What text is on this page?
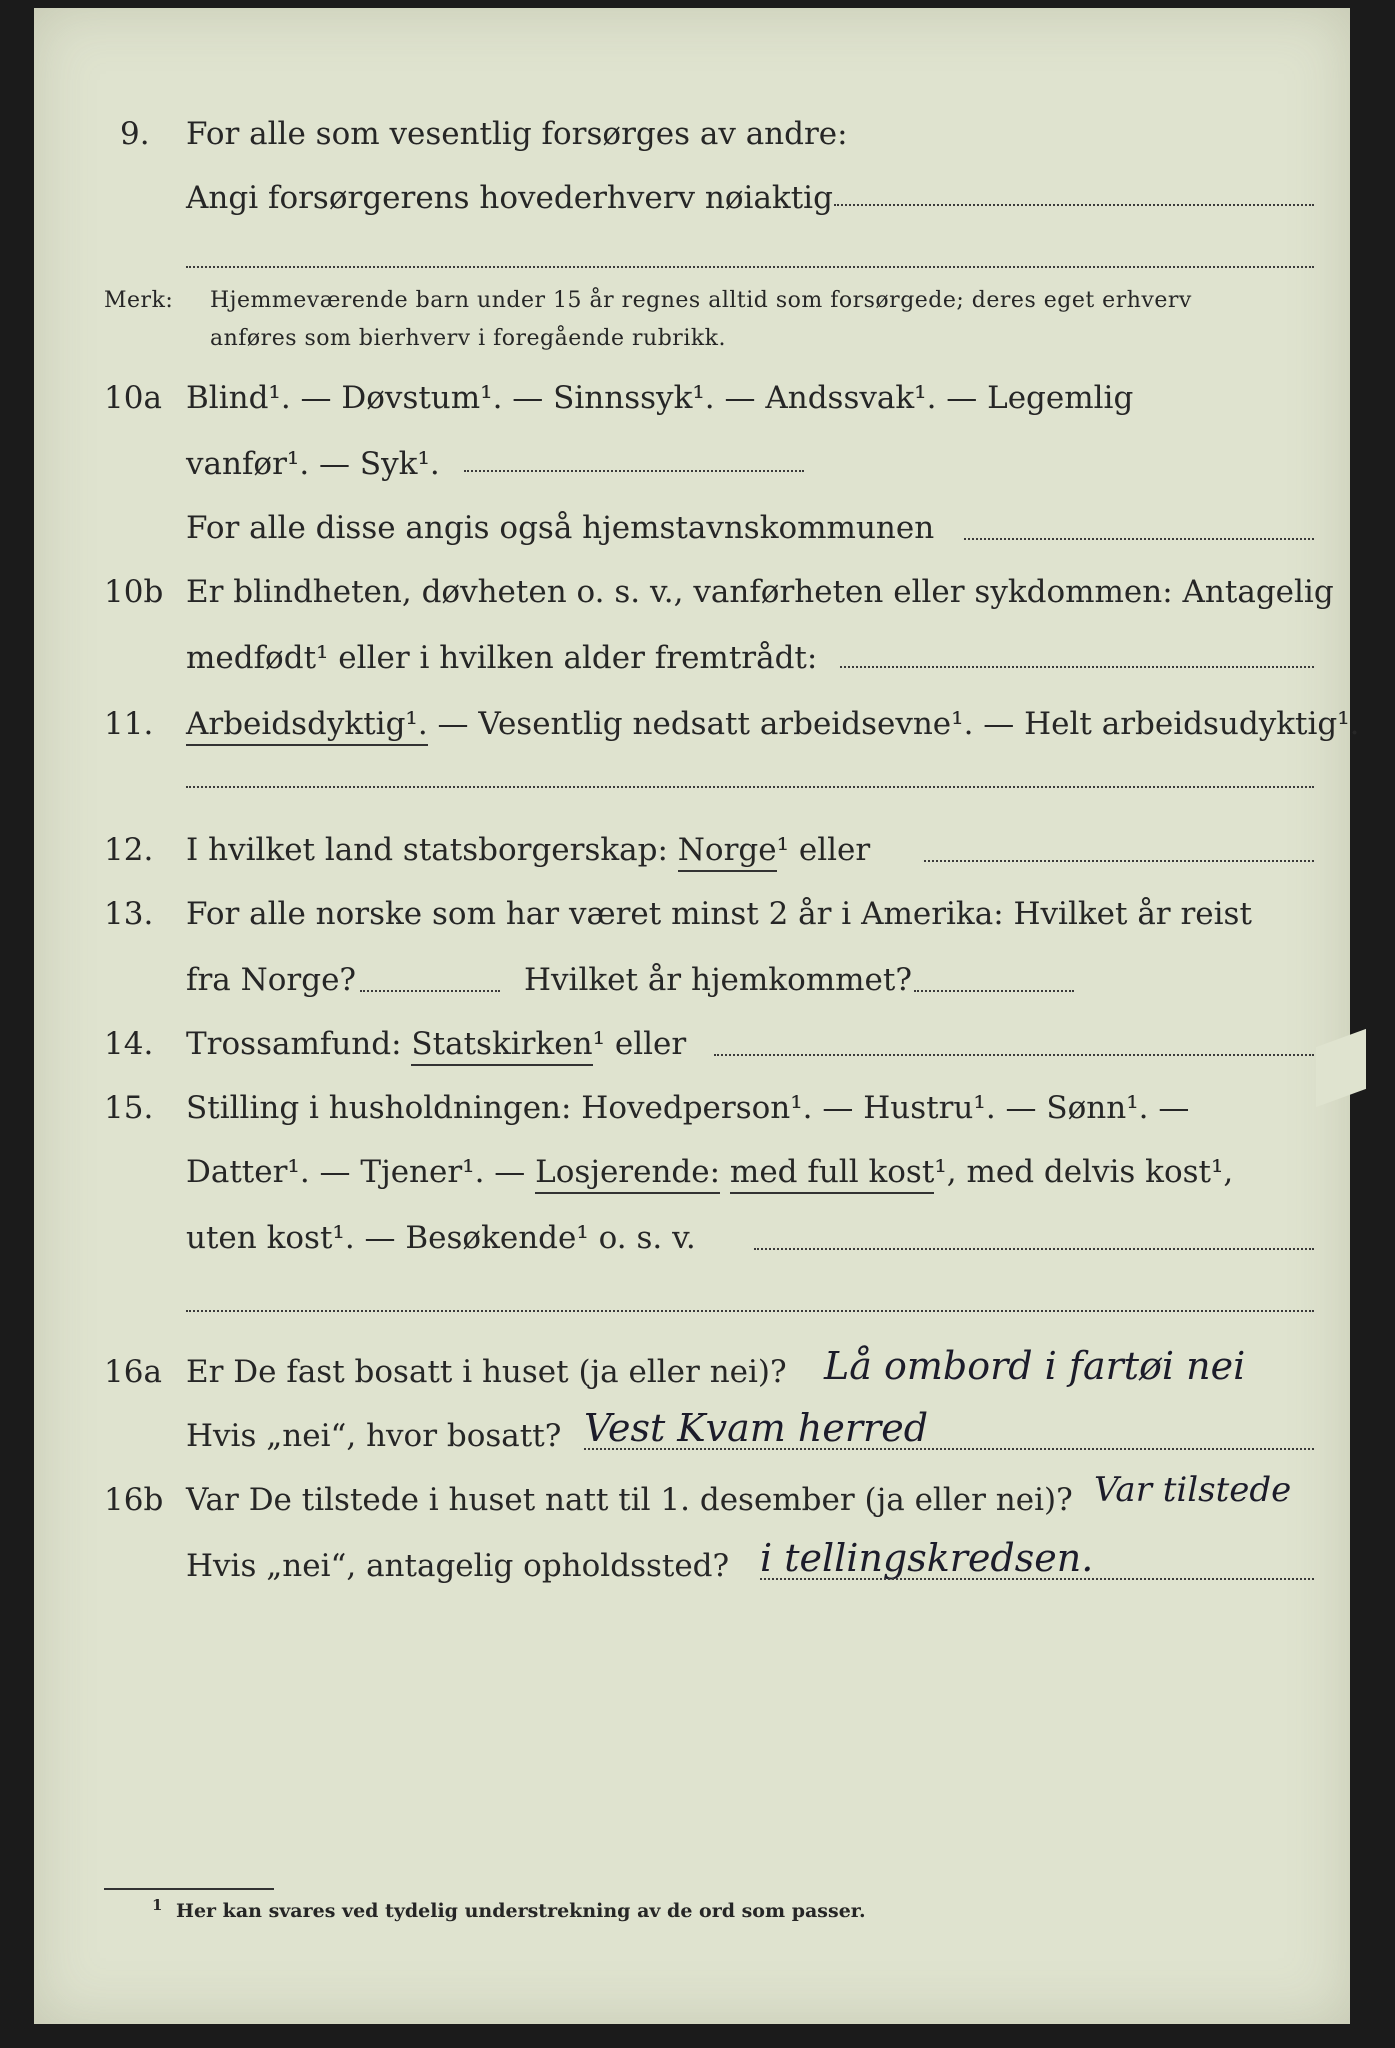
9.	For alle som vesentlig forsørges av andre:
Angi forsørgerens hovederhverv nøiaktig
Merk: Hjemmeværende barn under 15 år regnes alltid som forsørgede; deres eget erhverv
anføres som bierhverv i foregående rubrikk.
10a Blind¹. — Døvstum¹. — Sinnssyk¹. — Andssvak¹. — Legemlig
vanfør¹. — Syk¹.
For alle disse angis også hjemstavnskommunen
10b Er blindheten, døvheten o. s. v., vanførheten eller sykdommen: Antagelig
medfødt¹ eller i hvilken alder fremtrådt:
11.	Arbeidsdyktig¹. — Vesentlig nedsatt arbeidsevne¹. — Helt arbeidsudyktig¹.
12.	I hvilket land statsborgerskap: Norge¹ eller
13.	For alle norske som har været minst 2 år i Amerika: Hvilket år reist
fra Norge?	Hvilket år hjemkommet?
14.	Trossamfund: Statskirken¹ eller
15.	Stilling i husholdningen: Hovedperson¹. — Hustru¹. — Sønn¹. —
Datter¹. — Tjener¹. — Losjerende: med full kost¹, med delvis kost¹,
uten kost¹. — Besøkende¹ o. s. v.
16a Er De fast bosatt i huset (ja eller nei)? Lå ombord i fartøi nei
Hvis „nei“, hvor bosatt? Vest Kvam herred
16b Var De tilstede i huset natt til 1. desember (ja eller nei)? Var tilstede
Hvis „nei“, antagelig opholdssted? i tellingskredsen.
1 Her kan svares ved tydelig understrekning av de ord som passer.
